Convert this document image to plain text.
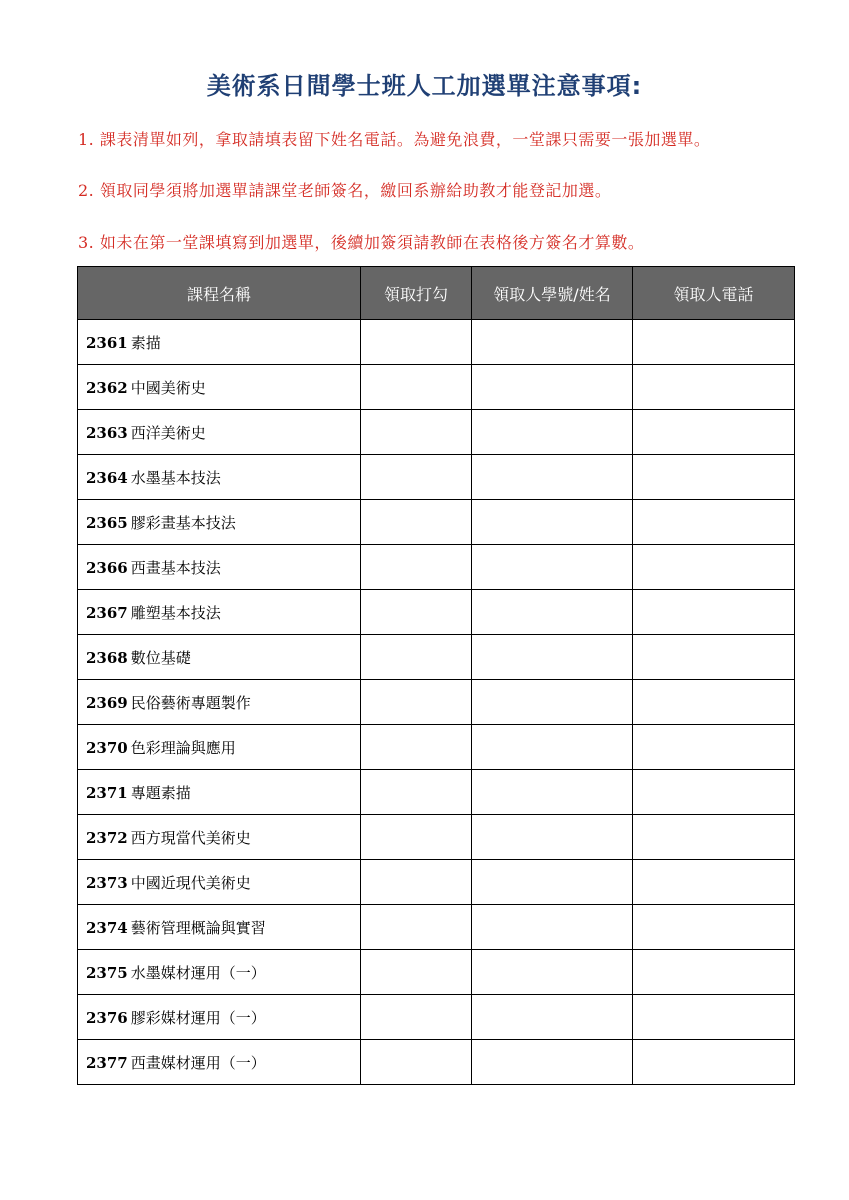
美術系日間學士班人工加選單注意事項:
1. 課表清單如列，拿取請填表留下姓名電話。為避免浪費，一堂課只需要一張加選單。
2. 領取同學須將加選單請課堂老師簽名，繳回系辦給助教才能登記加選。
3. 如未在第一堂課填寫到加選單，後續加簽須請教師在表格後方簽名才算數。
課程名稱	領取打勾	領取人學號/姓名	領取人電話
2361 素描			
2362 中國美術史			
2363 西洋美術史			
2364 水墨基本技法			
2365 膠彩畫基本技法			
2366 西畫基本技法			
2367 雕塑基本技法			
2368 數位基礎			
2369 民俗藝術專題製作			
2370 色彩理論與應用			
2371 專題素描			
2372 西方現當代美術史			
2373 中國近現代美術史			
2374 藝術管理概論與實習			
2375 水墨媒材運用（一）			
2376 膠彩媒材運用（一）			
2377 西畫媒材運用（一）			
